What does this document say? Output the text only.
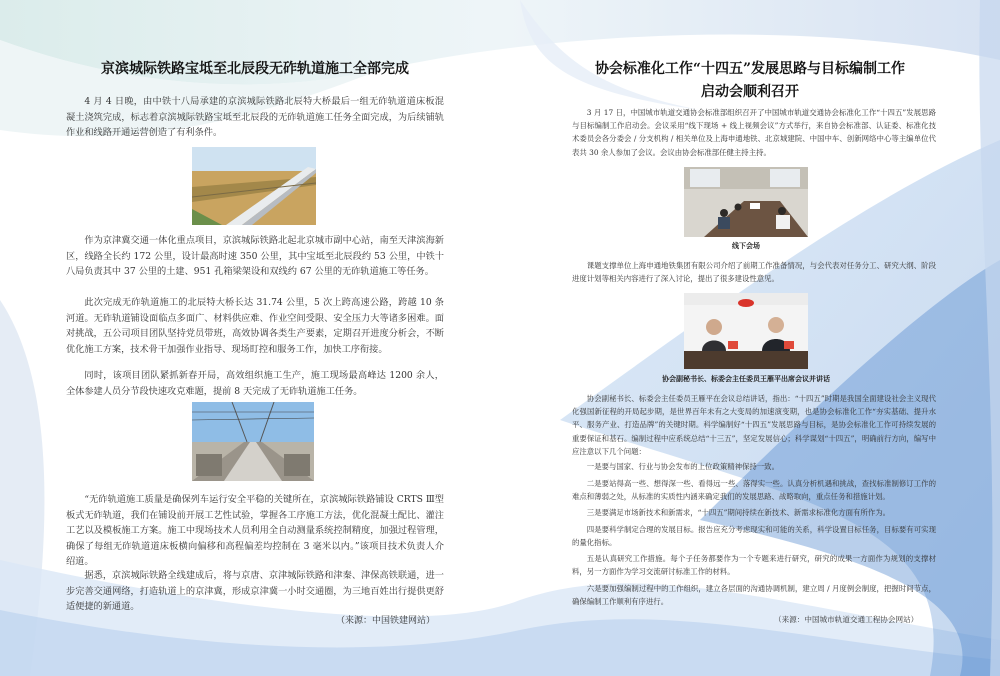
京滨城际铁路宝坻至北辰段无砟轨道施工全部完成

4 月 4 日晚，由中铁十八局承建的京滨城际铁路北辰特大桥最后一组无砟轨道道床板混凝土浇筑完成，标志着京滨城际铁路宝坻至北辰段的无砟轨道施工任务全面完成，为后续铺轨作业和线路开通运营创造了有利条件。

作为京津冀交通一体化重点项目，京滨城际铁路北起北京城市副中心站，南至天津滨海新区，线路全长约 172 公里，设计最高时速 350 公里，其中宝坻至北辰段约 53 公里，中铁十八局负责其中 37 公里的土建、951 孔箱梁架设和双线约 67 公里的无砟轨道施工等任务。

此次完成无砟轨道施工的北辰特大桥长达 31.74 公里，5 次上跨高速公路，跨越 10 条河道。无砟轨道铺设面临点多面广、材料供应难、作业空间受限、安全压力大等诸多困难。面对挑战，五公司项目团队坚持党员带班，高效协调各类生产要素，定期召开进度分析会，不断优化施工方案，技术骨干加强作业指导、现场盯控和服务工作，加快工序衔接。

同时，该项目团队紧抓新春开局，高效组织施工生产，施工现场最高峰达 1200 余人，全体参建人员分节段快速攻克难题，提前 8 天完成了无砟轨道施工任务。

“无砟轨道施工质量是确保列车运行安全平稳的关键所在，京滨城际铁路铺设 CRTS Ⅲ型板式无砟轨道，我们在铺设前开展工艺性试验，掌握各工序施工方法，优化混凝土配比、灌注工艺以及模板施工方案。施工中现场技术人员利用全自动测量系统控制精度，加强过程管理，确保了每组无砟轨道道床板横向偏移和高程偏差均控制在 3 毫米以内。”该项目技术负责人介绍道。

据悉，京滨城际铁路全线建成后，将与京唐、京津城际铁路和津秦、津保高铁联通，进一步完善交通网络，打造轨道上的京津冀，形成京津冀一小时交通圈，为三地百姓出行提供更舒适便捷的新通道。

（来源：中国铁建网站）

协会标准化工作“十四五”发展思路与目标编制工作
启动会顺利召开

3 月 17 日，中国城市轨道交通协会标准部组织召开了中国城市轨道交通协会标准化工作“十四五”发展思路与目标编制工作启动会。会议采用“线下现场 + 线上视频会议”方式举行，来自协会标准部、认证委、标准化技术委员会各分委会 / 分支机构 / 相关单位及上海申通地铁、北京城建院、中国中车、创新网络中心等主编单位代表共 30 余人参加了会议。会议由协会标准部任健主持主持。

线下会场

课题支撑单位上海申通地铁集团有限公司介绍了前期工作准备情况，与会代表对任务分工、研究大纲、阶段进度计划等相关内容进行了深入讨论，提出了很多建设性意见。

协会副秘书长、标委会主任委员王雁平出席会议并讲话

协会副秘书长、标委会主任委员王雁平在会议总结讲话，指出：“十四五”时期是我国全面建设社会主义现代化强国新征程的开局起步期，是世界百年未有之大变局的加速演变期，也是协会标准化工作“夯实基础、提升水平、服务产业、打造品牌”的关键时期。科学编制好“十四五”发展思路与目标，是协会标准化工作可持续发展的重要保证和基石。编制过程中应系统总结“十三五”，坚定发展信心；科学谋划“十四五”，明确前行方向，编写中应注意以下几个问题：

一是要与国家、行业与协会发布的上位政策精神保持一致。

二是要站得高一些、想得深一些、看得远一些、落得实一些。认真分析机遇和挑战，查找标准制修订工作的难点和薄弱之处，从标准的实质性内涵来确定我们的发展思路、战略取向，重点任务和措施计划。

三是要满足市场新技术和新需求，“十四五”期间持续在新技术、新需求标准化方面有所作为。

四是要科学制定合理的发展目标。报告应充分考虑现实和可能的关系，科学设置目标任务，目标要有可实现的量化指标。

五是认真研究工作措施。每个子任务都要作为一个专题来进行研究，研究的成果一方面作为规划的支撑材料，另一方面作为学习交流研讨标准工作的材料。

六是要加强编制过程中的工作组织，建立各层面的沟通协调机制，建立周 / 月度例会制度，把握时间节点，确保编制工作顺利有序进行。

（来源：中国城市轨道交通工程协会网站）
